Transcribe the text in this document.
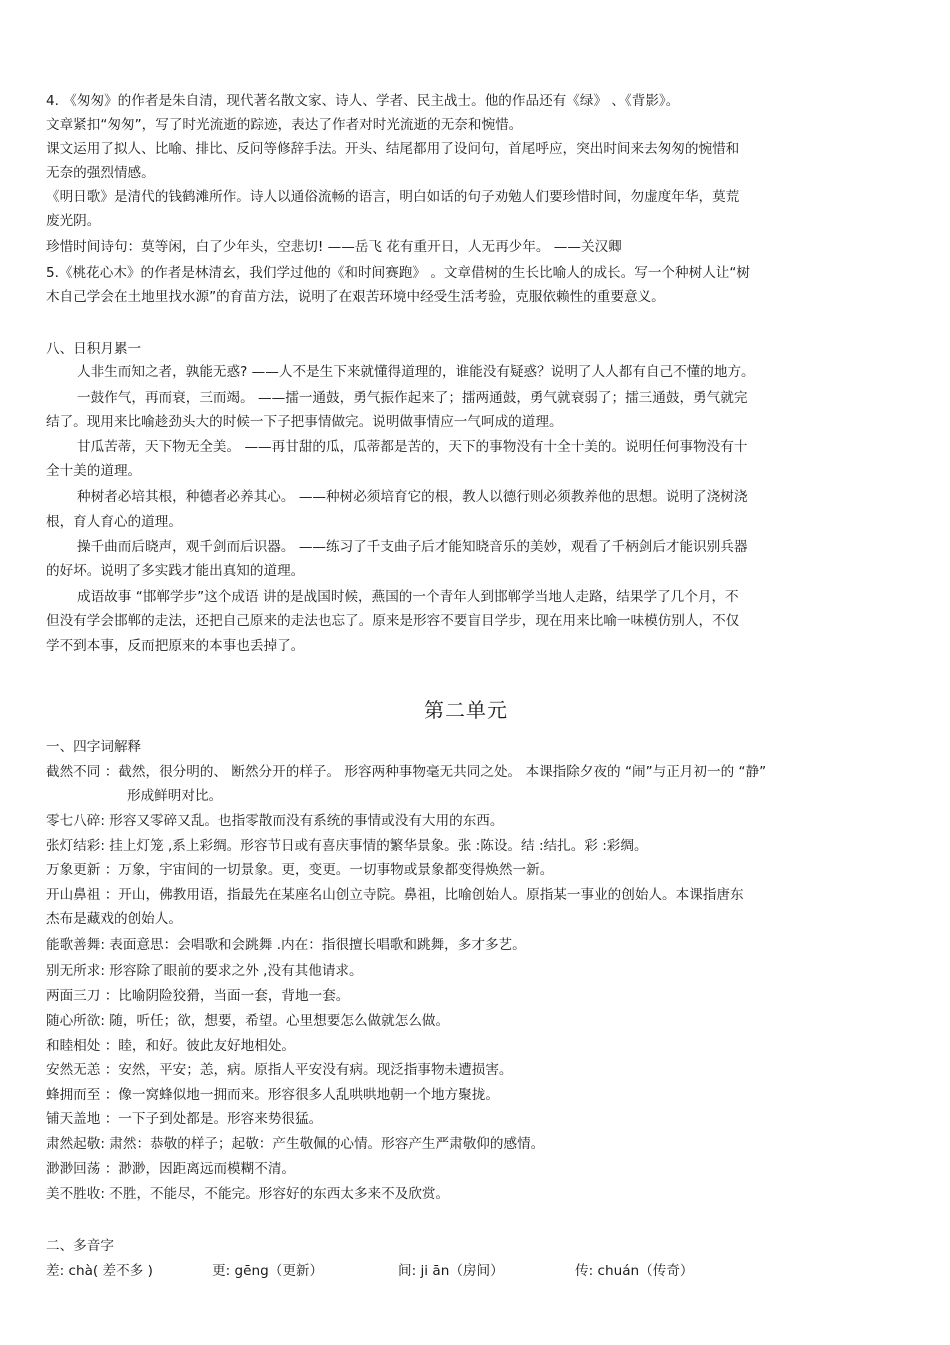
4. 《匆匆》的作者是朱自清，现代著名散文家、诗人、学者、民主战士。他的作品还有《绿》 、《背影》。
文章紧扣“匆匆”，写了时光流逝的踪迹，表达了作者对时光流逝的无奈和惋惜。
课文运用了拟人、比喻、排比、反问等修辞手法。开头、结尾都用了设问句，首尾呼应，突出时间来去匆匆的惋惜和
无奈的强烈情感。
《明日歌》是清代的钱鹤滩所作。诗人以通俗流畅的语言，明白如话的句子劝勉人们要珍惜时间，勿虚度年华，莫荒
废光阴。
珍惜时间诗句：莫等闲，白了少年头，空悲切! ——岳飞 花有重开日，人无再少年。 ——关汉卿
5.《桃花心木》的作者是林清玄，我们学过他的《和时间赛跑》 。文章借树的生长比喻人的成长。写一个种树人让“树
木自己学会在土地里找水源”的育苗方法，说明了在艰苦环境中经受生活考验，克服依赖性的重要意义。
八、日积月累一
人非生而知之者，孰能无惑? ——人不是生下来就懂得道理的，谁能没有疑惑？说明了人人都有自己不懂的地方。
一鼓作气，再而衰，三而竭。 ——擂一通鼓，勇气振作起来了；擂两通鼓，勇气就衰弱了；擂三通鼓，勇气就完
结了。现用来比喻趁劲头大的时候一下子把事情做完。说明做事情应一气呵成的道理。
甘瓜苦蒂，天下物无全美。 ——再甘甜的瓜，瓜蒂都是苦的，天下的事物没有十全十美的。说明任何事物没有十
全十美的道理。
种树者必培其根，种德者必养其心。 ——种树必须培育它的根，教人以德行则必须教养他的思想。说明了浇树浇
根，育人育心的道理。
操千曲而后晓声，观千剑而后识器。 ——练习了千支曲子后才能知晓音乐的美妙，观看了千柄剑后才能识别兵器
的好坏。说明了多实践才能出真知的道理。
成语故事 “邯郸学步”这个成语 讲的是战国时候，燕国的一个青年人到邯郸学当地人走路，结果学了几个月，不
但没有学会邯郸的走法，还把自己原来的走法也忘了。原来是形容不要盲目学步，现在用来比喻一味模仿别人，不仅
学不到本事，反而把原来的本事也丢掉了。
第二单元
一、四字词解释
截然不同 ：截然，很分明的、 断然分开的样子。 形容两种事物毫无共同之处。 本课指除夕夜的 “闹”与正月初一的 “静”
形成鲜明对比。
零七八碎: 形容又零碎又乱。也指零散而没有系统的事情或没有大用的东西。
张灯结彩: 挂上灯笼 ,系上彩绸。形容节日或有喜庆事情的繁华景象。张 :陈设。结 :结扎。彩 :彩绸。
万象更新 ：万象，宇宙间的一切景象。更，变更。一切事物或景象都变得焕然一新。
开山鼻祖 ：开山，佛教用语，指最先在某座名山创立寺院。鼻祖，比喻创始人。原指某一事业的创始人。本课指唐东
杰布是藏戏的创始人。
能歌善舞: 表面意思：会唱歌和会跳舞 .内在：指很擅长唱歌和跳舞，多才多艺。
别无所求: 形容除了眼前的要求之外 ,没有其他请求。
两面三刀 ：比喻阴险狡猾，当面一套，背地一套。
随心所欲: 随，听任；欲，想要，希望。心里想要怎么做就怎么做。
和睦相处 ：睦，和好。彼此友好地相处。
安然无恙 ：安然，平安；恙，病。原指人平安没有病。现泛指事物未遭损害。
蜂拥而至 ：像一窝蜂似地一拥而来。形容很多人乱哄哄地朝一个地方聚拢。
铺天盖地 ：一下子到处都是。形容来势很猛。
肃然起敬: 肃然：恭敬的样子；起敬：产生敬佩的心情。形容产生严肃敬仰的感情。
渺渺回荡 ：渺渺，因距离远而模糊不清。
美不胜收: 不胜，不能尽，不能完。形容好的东西太多来不及欣赏。
二、多音字
差: chà( 差不多 )	更: gēng（更新）	间: ji ān（房间）	传: chuán（传奇）
